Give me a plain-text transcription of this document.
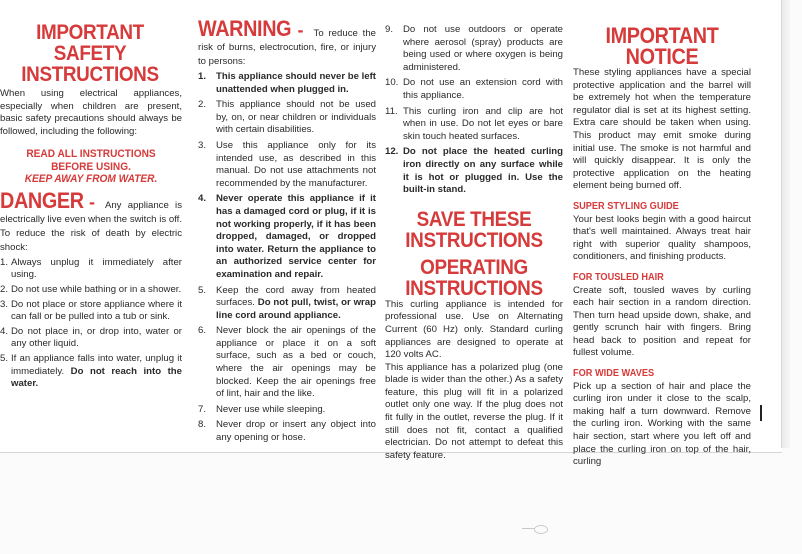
IMPORTANT SAFETY INSTRUCTIONS

When using electrical appliances, especially when children are present, basic safety precautions should always be followed, including the following:

READ ALL INSTRUCTIONS
BEFORE USING.
KEEP AWAY FROM WATER.
DANGER - Any appliance is electrically live even when the switch is off. To reduce the risk of death by electric shock:
1. Always unplug it immediately after using.
2. Do not use while bathing or in a shower.
3. Do not place or store appliance where it can fall or be pulled into a tub or sink.
4. Do not place in, or drop into, water or any other liquid.
5. If an appliance falls into water, unplug it immediately. Do not reach into the water.
WARNING - To reduce the risk of burns, electrocution, fire, or injury to persons:
1. This appliance should never be left unattended when plugged in.
2. This appliance should not be used by, on, or near children or individuals with certain disabilities.
3. Use this appliance only for its intended use, as described in this manual. Do not use attachments not recommended by the manufacturer.
4. Never operate this appliance if it has a damaged cord or plug, if it is not working properly, if it has been dropped, damaged, or dropped into water. Return the appliance to an authorized service center for examination and repair.
5. Keep the cord away from heated surfaces. Do not pull, twist, or wrap line cord around appliance.
6. Never block the air openings of the appliance or place it on a soft surface, such as a bed or couch, where the air openings may be blocked. Keep the air openings free of lint, hair and the like.
7. Never use while sleeping.
8. Never drop or insert any object into any opening or hose.
9. Do not use outdoors or operate where aerosol (spray) products are being used or where oxygen is being administered.
10. Do not use an extension cord with this appliance.
11. This curling iron and clip are hot when in use. Do not let eyes or bare skin touch heated surfaces.
12. Do not place the heated curling iron directly on any surface while it is hot or plugged in. Use the built-in stand.
SAVE THESE
INSTRUCTIONS
OPERATING
INSTRUCTIONS

This curling appliance is intended for professional use. Use on Alternating Current (60 Hz) only. Standard curling appliances are designed to operate at 120 volts AC.

This appliance has a polarized plug (one blade is wider than the other.) As a safety feature, this plug will fit in a polarized outlet only one way. If the plug does not fit fully in the outlet, reverse the plug. If it still does not fit, contact a qualified electrician. Do not attempt to defeat this safety feature.

IMPORTANT NOTICE

These styling appliances have a special protective application and the barrel will be extremely hot when the temperature regulator dial is set at its highest setting. Extra care should be taken when using. This product may emit smoke during initial use. The smoke is not harmful and will quickly disappear. It is only the protective application on the heating element being burned off.

SUPER STYLING GUIDE

Your best looks begin with a good haircut that's well maintained. Always treat hair right with superior quality shampoos, conditioners, and finishing products.

FOR TOUSLED HAIR

Create soft, tousled waves by curling each hair section in a random direction. Then turn head upside down, shake, and gently scrunch hair with fingers. Bring head back to position and repeat for fullest volume.

FOR WIDE WAVES

Pick up a section of hair and place the curling iron under it close to the scalp, making half a turn downward. Remove the curling iron. Working with the same hair section, start where you left off and place the curling iron on top of the hair, curling
